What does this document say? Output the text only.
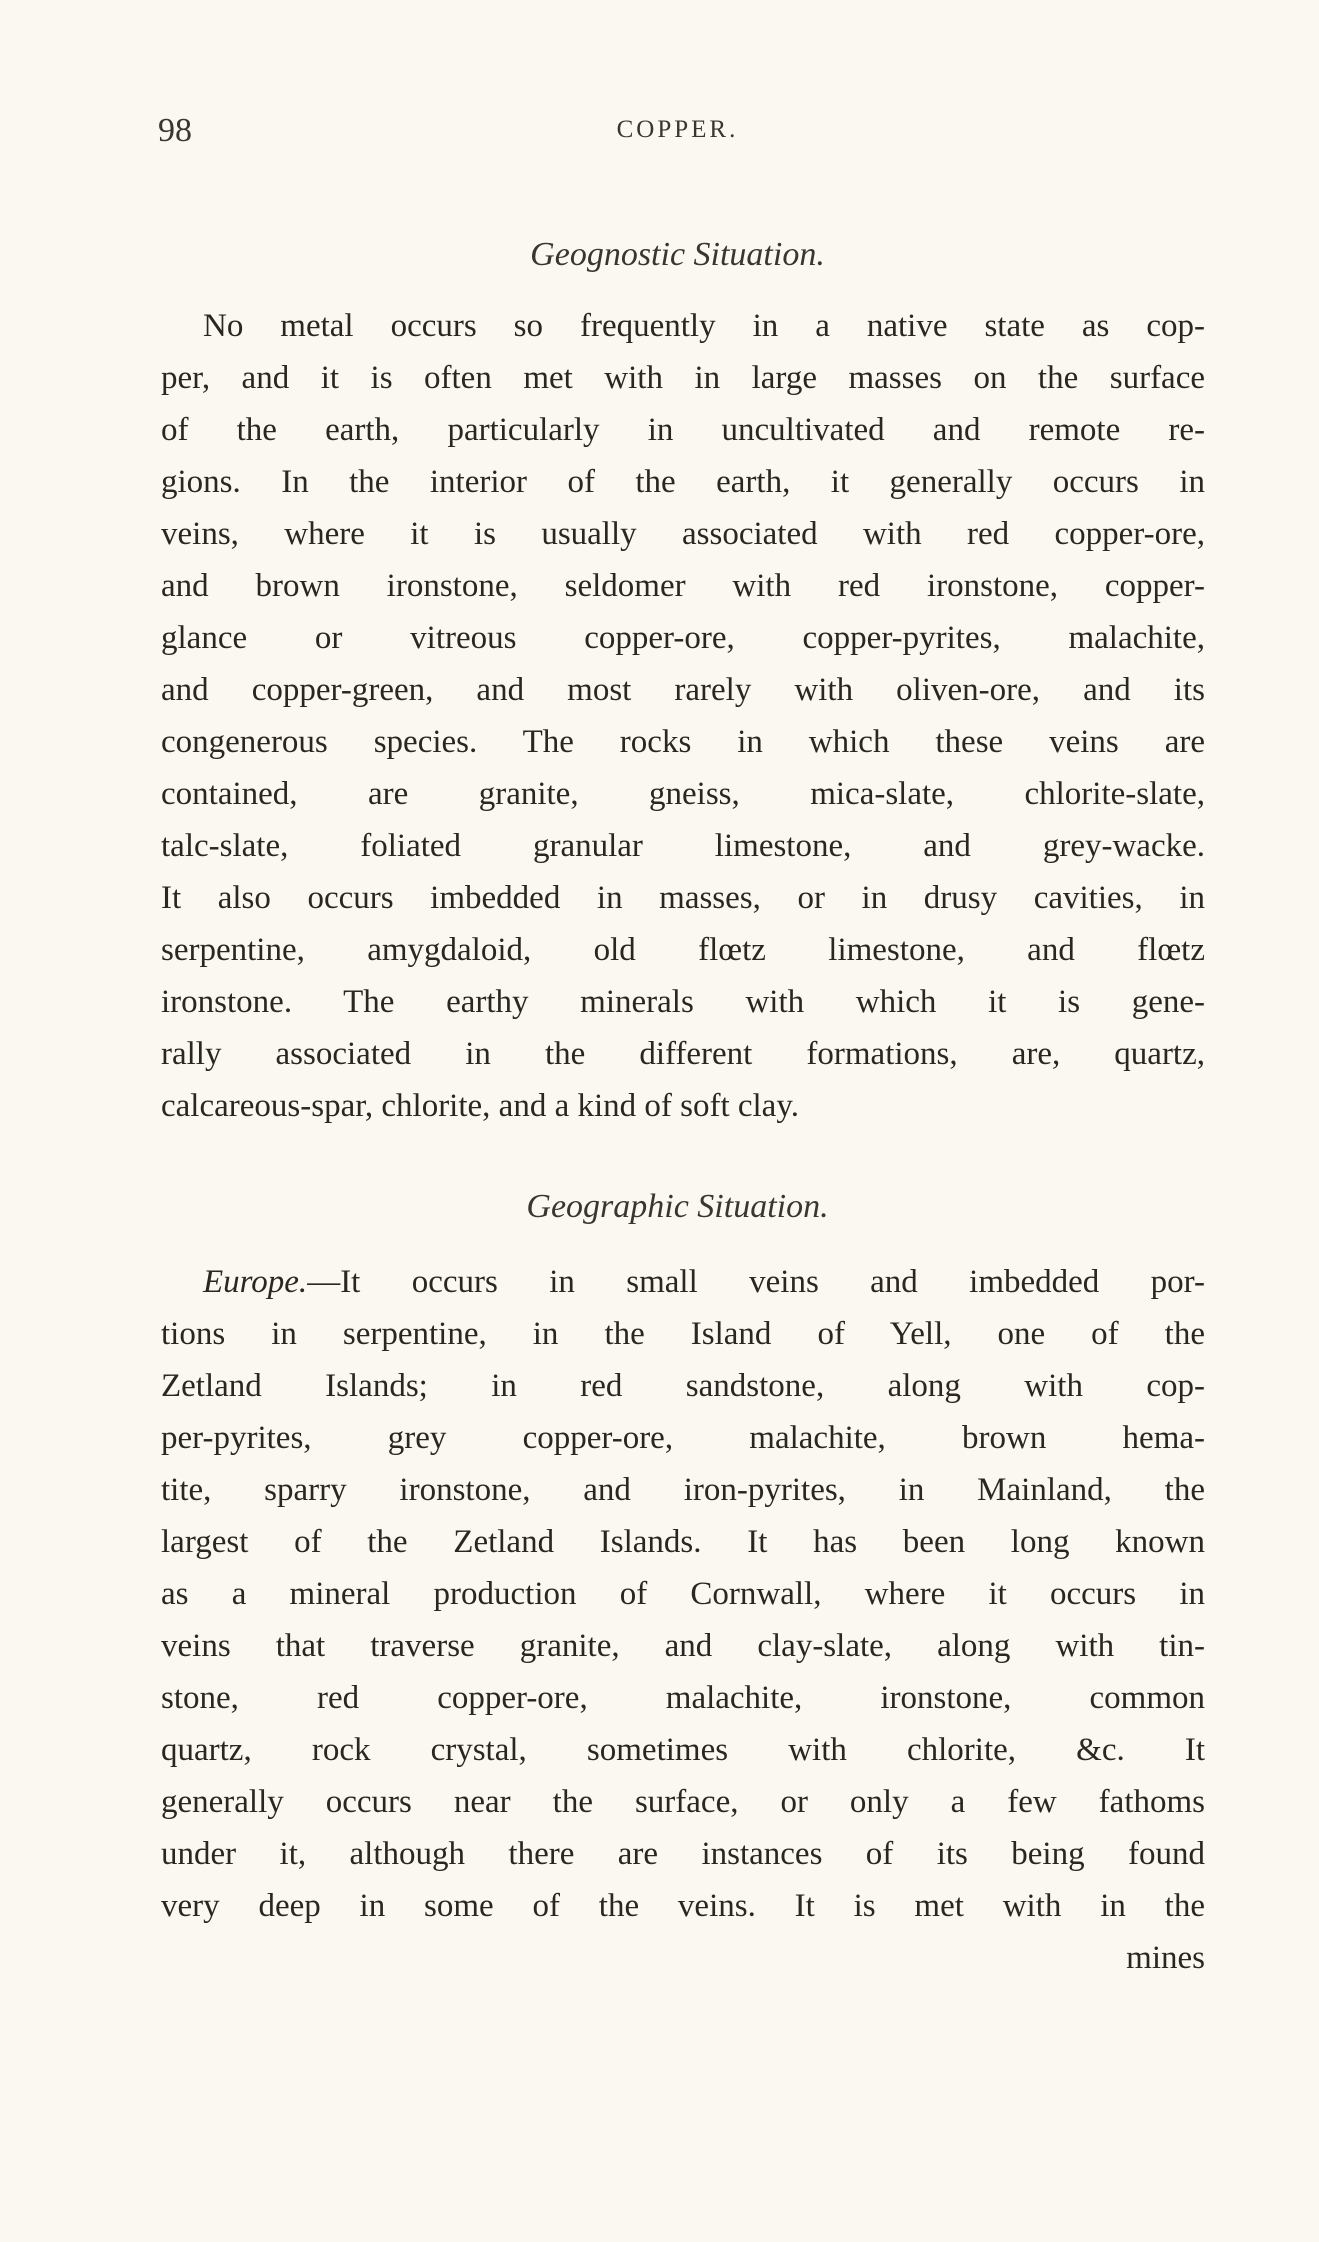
98	COPPER.
Geognostic Situation.
No metal occurs so frequently in a native state as cop-
per, and it is often met with in large masses on the surface
of the earth, particularly in uncultivated and remote re-
gions. In the interior of the earth, it generally occurs in
veins, where it is usually associated with red copper-ore,
and brown ironstone, seldomer with red ironstone, copper-
glance or vitreous copper-ore, copper-pyrites, malachite,
and copper-green, and most rarely with oliven-ore, and its
congenerous species. The rocks in which these veins are
contained, are granite, gneiss, mica-slate, chlorite-slate,
talc-slate, foliated granular limestone, and grey-wacke.
It also occurs imbedded in masses, or in drusy cavities, in
serpentine, amygdaloid, old flœtz limestone, and flœtz
ironstone. The earthy minerals with which it is gene-
rally associated in the different formations, are, quartz,
calcareous-spar, chlorite, and a kind of soft clay.
Geographic Situation.
Europe.—It occurs in small veins and imbedded por-
tions in serpentine, in the Island of Yell, one of the
Zetland Islands; in red sandstone, along with cop-
per-pyrites, grey copper-ore, malachite, brown hema-
tite, sparry ironstone, and iron-pyrites, in Mainland, the
largest of the Zetland Islands. It has been long known
as a mineral production of Cornwall, where it occurs in
veins that traverse granite, and clay-slate, along with tin-
stone, red copper-ore, malachite, ironstone, common
quartz, rock crystal, sometimes with chlorite, &c. It
generally occurs near the surface, or only a few fathoms
under it, although there are instances of its being found
very deep in some of the veins. It is met with in the
mines
